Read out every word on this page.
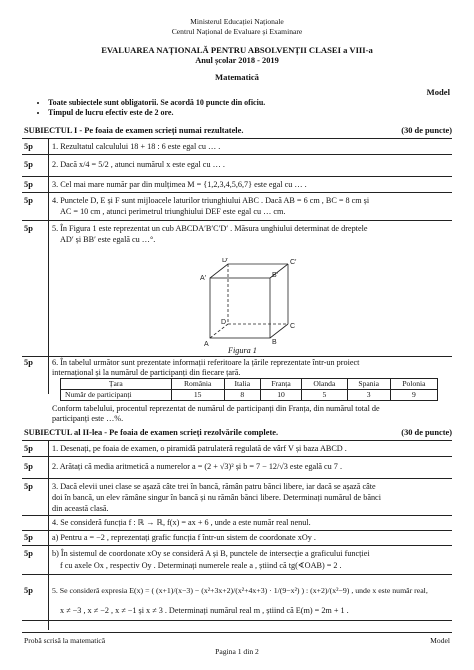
Ministerul Educației Naționale
Centrul Național de Evaluare și Examinare
EVALUAREA NAȚIONALĂ PENTRU ABSOLVENȚII CLASEI a VIII-a
Anul școlar 2018 - 2019
Matematică
Model
• Toate subiectele sunt obligatorii. Se acordă 10 puncte din oficiu.
• Timpul de lucru efectiv este de 2 ore.
SUBIECTUL I - Pe foaia de examen scrieți numai rezultatele.	(30 de puncte)
5p	1. Rezultatul calculului 18 + 18 : 6 este egal cu … .
5p	2. Dacă x/4 = 5/2 , atunci numărul x este egal cu … .
5p	3. Cel mai mare număr par din mulțimea M = {1,2,3,4,5,6,7} este egal cu … .
5p	4. Punctele D, E și F sunt mijloacele laturilor triunghiului ABC . Dacă AB = 6 cm , BC = 8 cm și
AC = 10 cm , atunci perimetrul triunghiului DEF este egal cu … cm.
5p	5. În Figura 1 este reprezentat un cub ABCDA′B′C′D′ . Măsura unghiului determinat de dreptele
AD′ și BB′ este egală cu …°.
D′	C′
A′	B′
D
C
A	B
Figura 1
5p	6. În tabelul următor sunt prezentate informații referitoare la țările reprezentate într-un proiect
internațional și la numărul de participanți din fiecare țară.
Țara	România	Italia	Franța	Olanda	Spania	Polonia
Număr de participanți	15	8	10	5	3	9
Conform tabelului, procentul reprezentat de numărul de participanți din Franța, din numărul total de
participanți este …%.
SUBIECTUL al II-lea - Pe foaia de examen scrieți rezolvările complete.	(30 de puncte)
5p	1. Desenați, pe foaia de examen, o piramidă patrulateră regulată de vârf V și baza ABCD .
5p	2. Arătați că media aritmetică a numerelor a = (2 + √3)² și b = 7 − 12/√3 este egală cu 7 .
5p	3. Dacă elevii unei clase se așază câte trei în bancă, rămân patru bănci libere, iar dacă se așază câte
doi în bancă, un elev rămâne singur în bancă și nu rămân bănci libere. Determinați numărul de bănci
din această clasă.
4. Se consideră funcția f : ℝ → ℝ, f(x) = ax + 6 , unde a este număr real nenul.
5p	a) Pentru a = −2 , reprezentați grafic funcția f într-un sistem de coordonate xOy .
5p	b) În sistemul de coordonate xOy se consideră A și B, punctele de intersecție a graficului funcției
f cu axele Ox , respectiv Oy . Determinați numerele reale a , știind că tg(∢OAB) = 2 .
5p	5. Se consideră expresia E(x) = ( (x+1)/(x−3) − (x²+3x+2)/(x²+4x+3) · 1/(9−x²) ) : (x+2)/(x²−9) , unde x este număr real,
x ≠ −3 , x ≠ −2 , x ≠ −1 și x ≠ 3 . Determinați numărul real m , știind că E(m) = 2m + 1 .
Probă scrisă la matematică	Model
Pagina 1 din 2
